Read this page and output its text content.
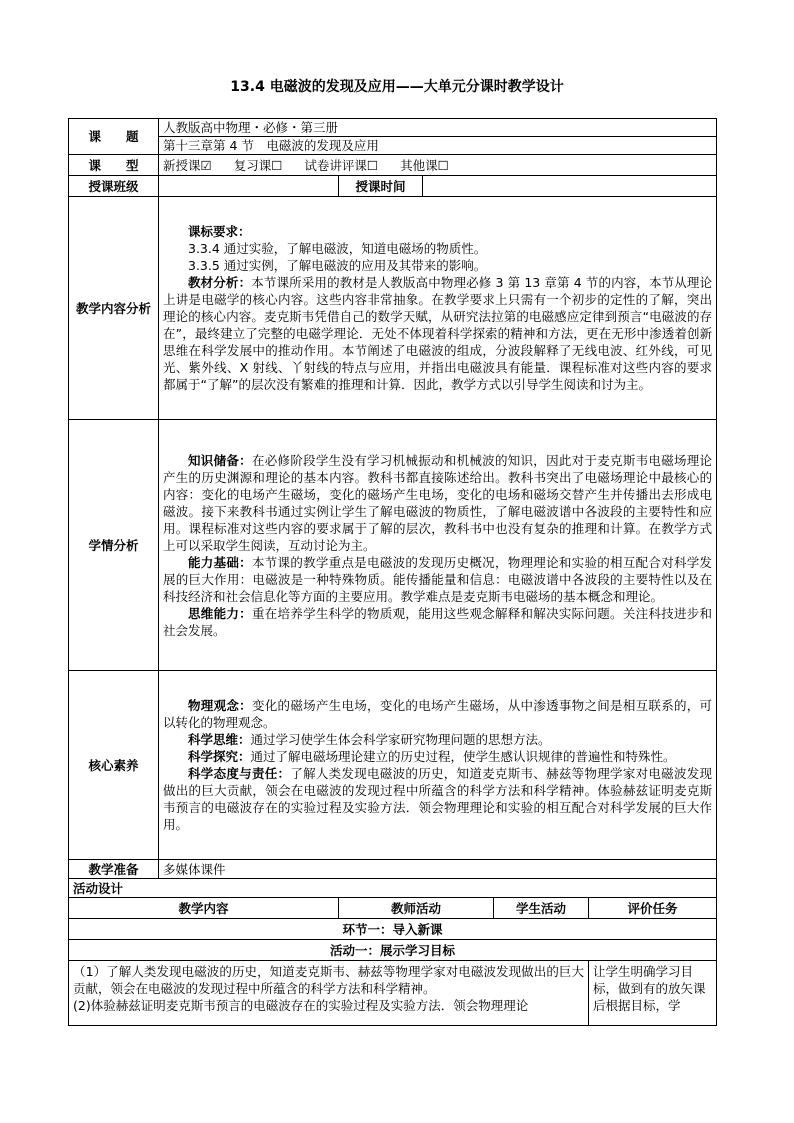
13.4 电磁波的发现及应用——大单元分课时教学设计
课　　题	人教版高中物理・必修・第三册				
	第十三章第 4 节　电磁波的发现及应用				
课　　型	新授课☑ 复习课☐ 试卷讲评课☐ 其他课☐				
授课班级		授课时间			
教学内容分析	课标要求：

3.3.4 通过实验，了解电磁波，知道电磁场的物质性。

3.3.5 通过实例，了解电磁波的应用及其带来的影响。

教材分析：本节课所采用的教材是人教版高中物理必修 3 第 13 章第 4 节的内容，本节从理论上讲是电磁学的核心内容。这些内容非常抽象。在教学要求上只需有一个初步的定性的了解，突出理论的核心内容。麦克斯韦凭借自己的数学天赋，从研究法拉第的电磁感应定律到预言“电磁波的存在”，最终建立了完整的电磁学理论．无处不体现着科学探索的精神和方法，更在无形中渗透着创新思维在科学发展中的推动作用。本节阐述了电磁波的组成，分波段解释了无线电波、红外线，可见光、紫外线、X 射线、丫射线的特点与应用，并指出电磁波具有能量．课程标准对这些内容的要求都属于“了解”的层次没有繁难的推理和计算．因此，教学方式以引导学生阅读和讨为主。				

学情分析	知识储备：在必修阶段学生没有学习机械振动和机械波的知识，因此对于麦克斯韦电磁场理论产生的历史渊源和理论的基本内容。教科书都直接陈述给出。教科书突出了电磁场理论中最核心的内容：变化的电场产生磁场，变化的磁场产生电场，变化的电场和磁场交替产生并传播出去形成电磁波。接下来教科书通过实例让学生了解电磁波的物质性，了解电磁波谱中各波段的主要特性和应用。课程标准对这些内容的要求属于了解的层次，教科书中也没有复杂的推理和计算。在教学方式上可以采取学生阅读，互动讨论为主。

能力基础：本节课的教学重点是电磁波的发现历史概况，物理理论和实验的相互配合对科学发展的巨大作用：电磁波是一种特殊物质。能传播能量和信息：电磁波谱中各波段的主要特性以及在科技经济和社会信息化等方面的主要应用。教学难点是麦克斯韦电磁场的基本概念和理论。

思维能力：重在培养学生科学的物质观，能用这些观念解释和解决实际问题。关注科技进步和社会发展。				

核心素养	物理观念：变化的磁场产生电场，变化的电场产生磁场，从中渗透事物之间是相互联系的，可以转化的物理观念。

科学思维：通过学习使学生体会科学家研究物理问题的思想方法。

科学探究：通过了解电磁场理论建立的历史过程，使学生感认识规律的普遍性和特殊性。

科学态度与责任：了解人类发现电磁波的历史，知道麦克斯韦、赫兹等物理学家对电磁波发现做出的巨大贡献，领会在电磁波的发现过程中所蕴含的科学方法和科学精神。体验赫兹证明麦克斯韦预言的电磁波存在的实验过程及实验方法．领会物理理论和实验的相互配合对科学发展的巨大作用。				

教学准备	多媒体课件				
活动设计					
教学内容		教师活动		学生活动	评价任务
环节一：导入新课					
活动一：展示学习目标					

（1）了解人类发现电磁波的历史，知道麦克斯韦、赫兹等物理学家对电磁波发现做出的巨大贡献，领会在电磁波的发现过程中所蕴含的科学方法和科学精神。

(2)体验赫兹证明麦克斯韦预言的电磁波存在的实验过程及实验方法．领会物理理论					让学生明确学习目标，做到有的放矢课后根据目标，学
